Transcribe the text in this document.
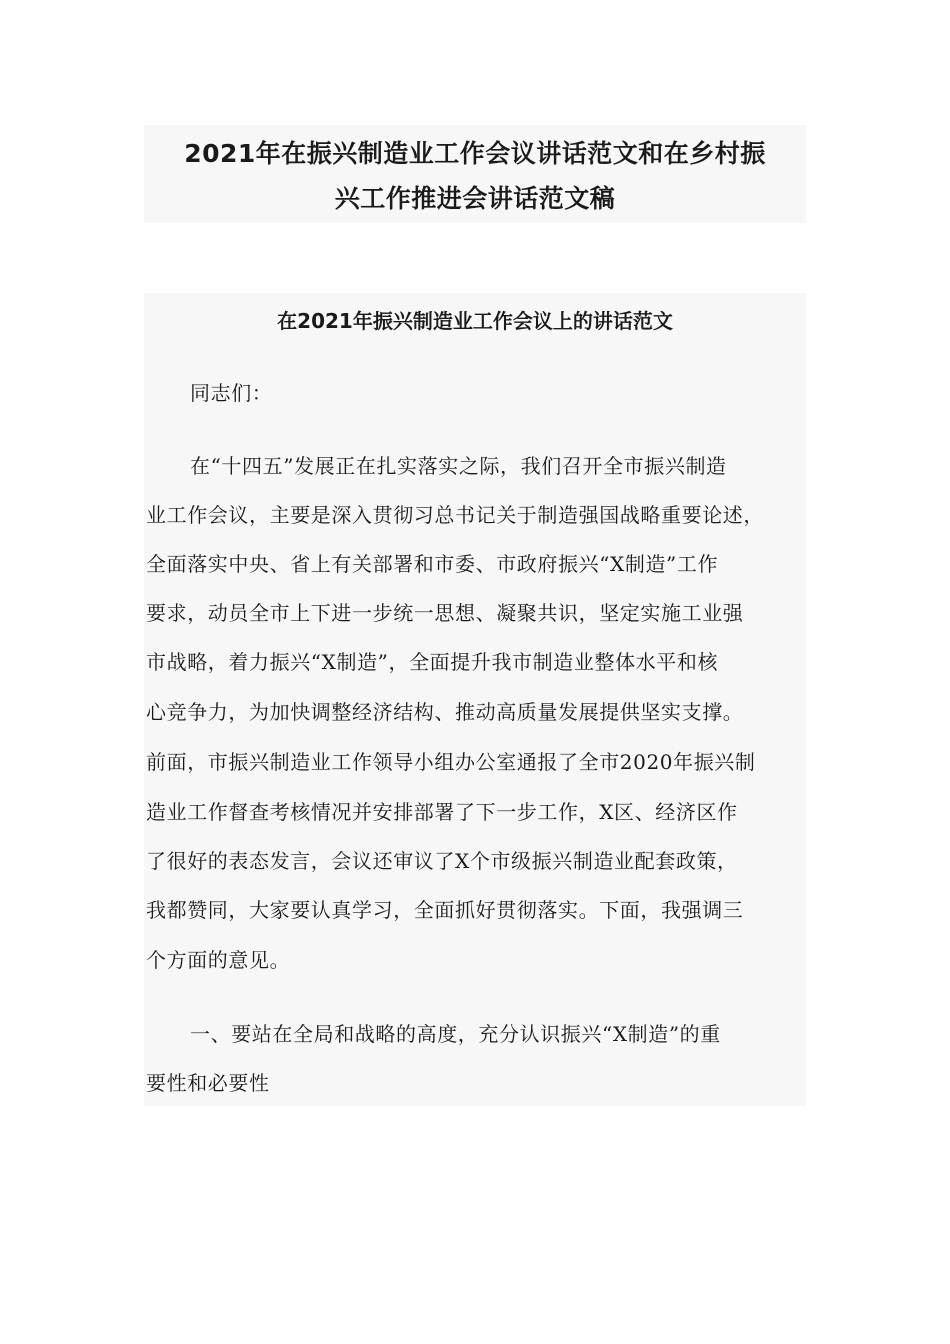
2021年在振兴制造业工作会议讲话范文和在乡村振
兴工作推进会讲话范文稿
在2021年振兴制造业工作会议上的讲话范文
同志们：
在“十四五”发展正在扎实落实之际，我们召开全市振兴制造
业工作会议，主要是深入贯彻习总书记关于制造强国战略重要论述，
全面落实中央、省上有关部署和市委、市政府振兴“X制造”工作
要求，动员全市上下进一步统一思想、凝聚共识，坚定实施工业强
市战略，着力振兴“X制造”，全面提升我市制造业整体水平和核
心竞争力，为加快调整经济结构、推动高质量发展提供坚实支撑。
前面，市振兴制造业工作领导小组办公室通报了全市2020年振兴制
造业工作督查考核情况并安排部署了下一步工作，X区、经济区作
了很好的表态发言，会议还审议了X个市级振兴制造业配套政策，
我都赞同，大家要认真学习，全面抓好贯彻落实。下面，我强调三
个方面的意见。
一、要站在全局和战略的高度，充分认识振兴“X制造”的重
要性和必要性
